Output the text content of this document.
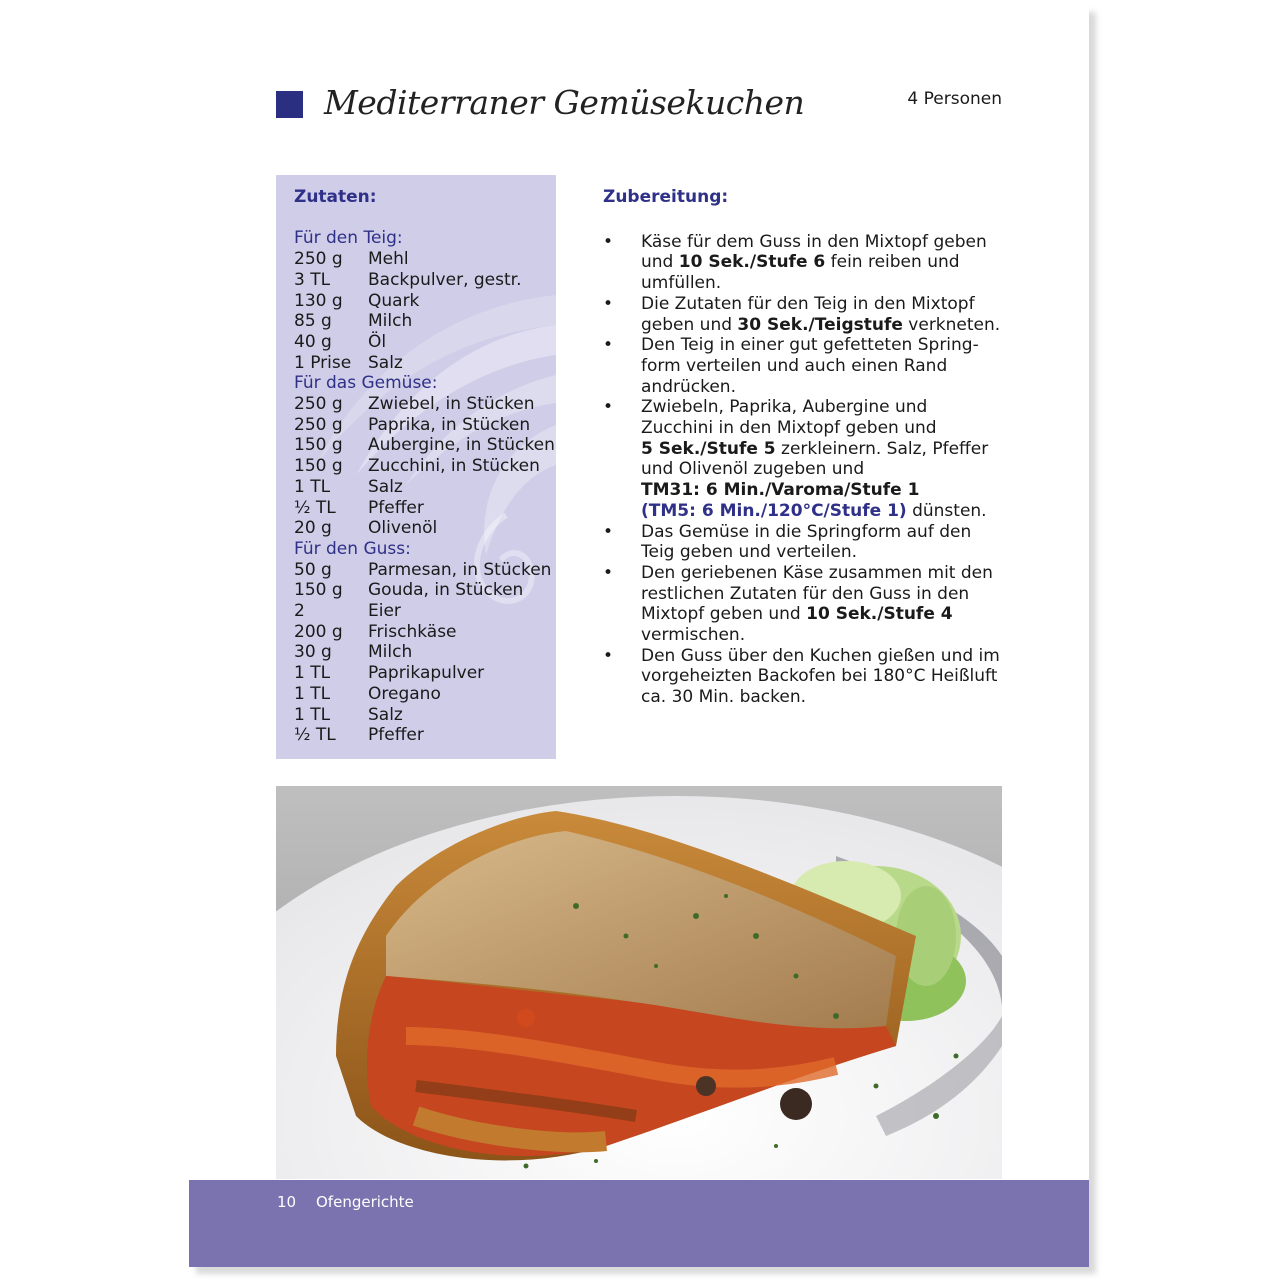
Mediterraner Gemüsekuchen	4 Personen
Zutaten:
Für den Teig:
250 g	Mehl
3 TL	Backpulver, gestr.
130 g	Quark
85 g	Milch
40 g	Öl
1 Prise Salz
Für das Gemüse:
250 g	Zwiebel, in Stücken
250 g	Paprika, in Stücken
150 g	Aubergine, in Stücken
150 g	Zucchini, in Stücken
1 TL	Salz
½ TL	Pfeffer
20 g	Olivenöl
Für den Guss:
50 g	Parmesan, in Stücken
150 g	Gouda, in Stücken
2	Eier
200 g	Frischkäse
30 g	Milch
1 TL	Paprikapulver
1 TL	Oregano
1 TL	Salz
½ TL	Pfeffer
Zubereitung:
• Käse für dem Guss in den Mixtopf geben und 10 Sek./Stufe 6 fein reiben und umfüllen.
• Die Zutaten für den Teig in den Mixtopf geben und 30 Sek./Teigstufe verkneten.
• Den Teig in einer gut gefetteten Spring- form verteilen und auch einen Rand andrücken.
• Zwiebeln, Paprika, Aubergine und Zucchini in den Mixtopf geben und
5 Sek./Stufe 5 zerkleinern. Salz, Pfeffer und Olivenöl zugeben und
TM31: 6 Min./Varoma/Stufe 1
(TM5: 6 Min./120°C/Stufe 1) dünsten.
• Das Gemüse in die Springform auf den Teig geben und verteilen.
• Den geriebenen Käse zusammen mit den restlichen Zutaten für den Guss in den Mixtopf geben und 10 Sek./Stufe 4 vermischen.
• Den Guss über den Kuchen gießen und im vorgeheizten Backofen bei 180°C Heißluft ca. 30 Min. backen.
10 Ofengerichte
